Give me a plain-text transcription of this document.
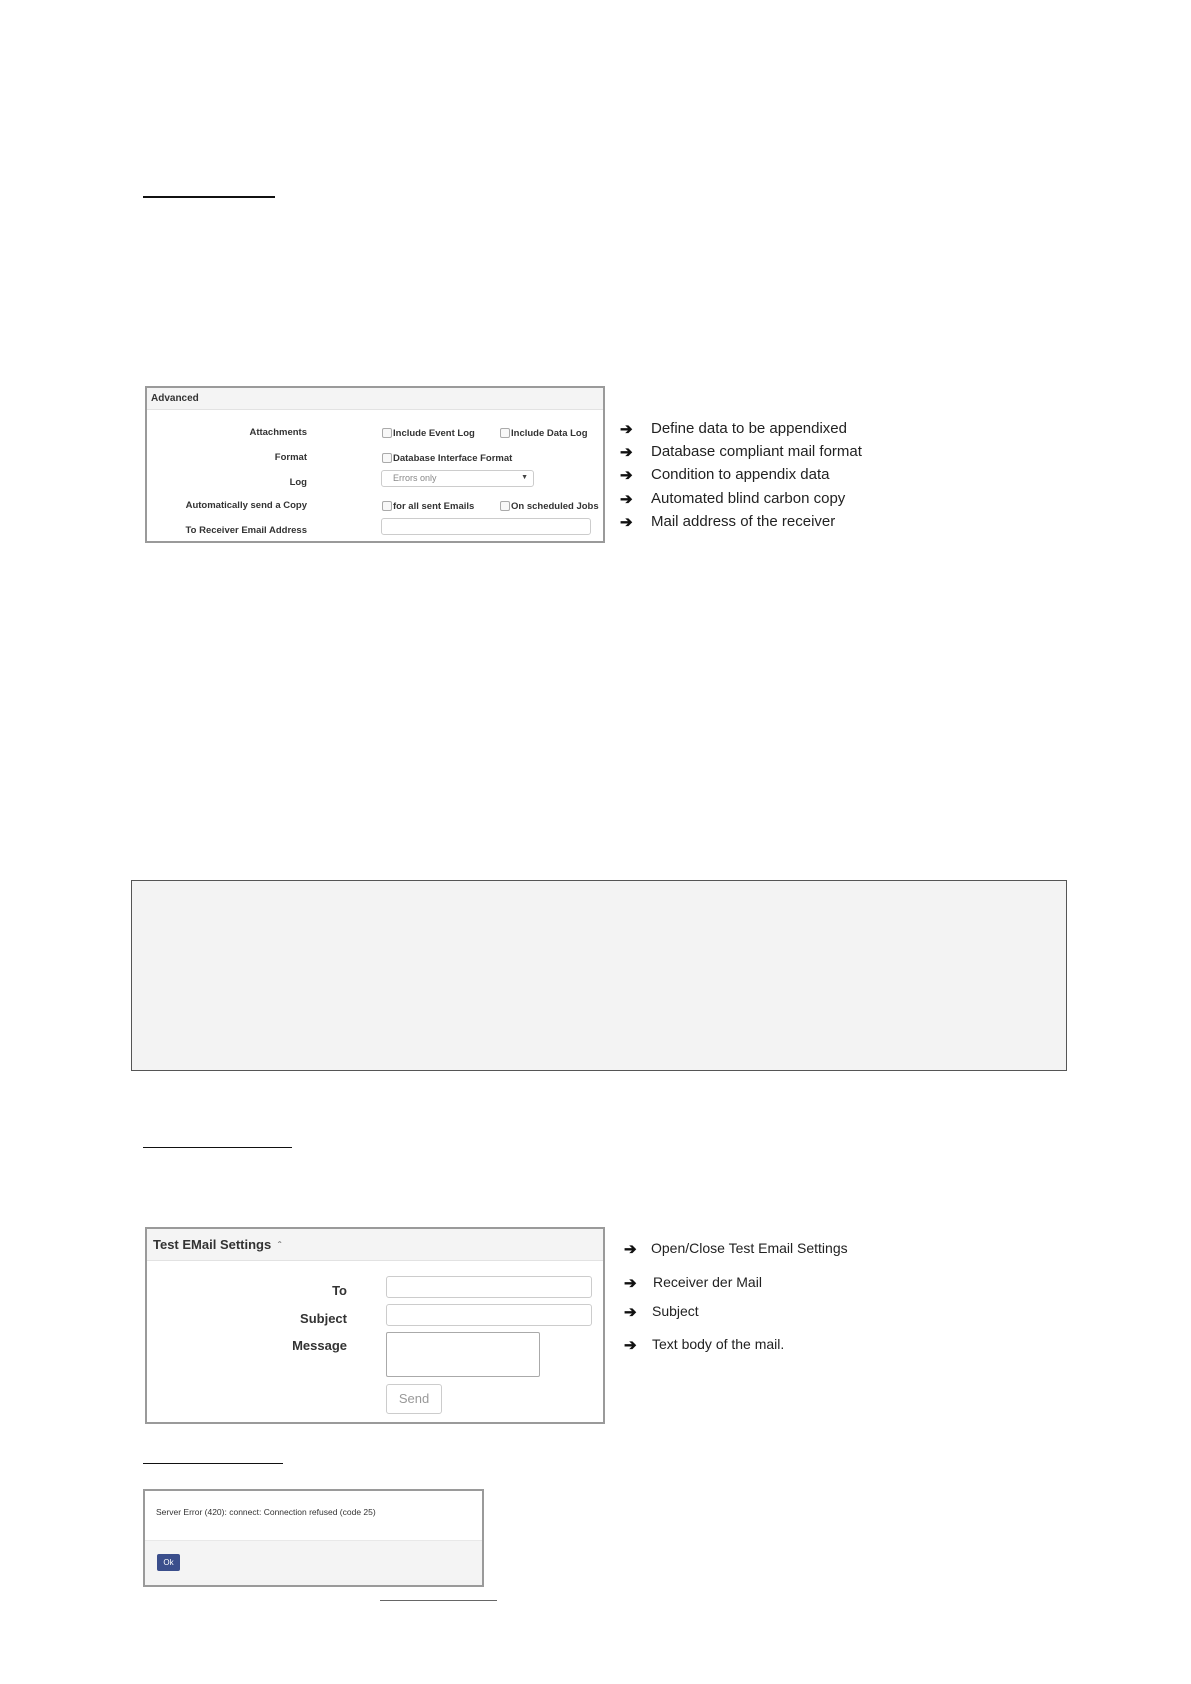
Advanced
Attachments	Include Event Log	Include Data Log
Format	Database Interface Format
Log	Errors only	▼
Automatically send a Copy	for all sent Emails	On scheduled Jobs
To Receiver Email Address
➔ Define data to be appendixed
➔ Database compliant mail format
➔ Condition to appendix data
➔ Automated blind carbon copy
➔ Mail address of the receiver
Test EMail Settings ˆ
To
Subject
Message
Send
➔ Open/Close Test Email Settings
➔ Receiver der Mail
➔ Subject
➔ Text body of the mail.
Server Error (420): connect: Connection refused (code 25)
Ok
